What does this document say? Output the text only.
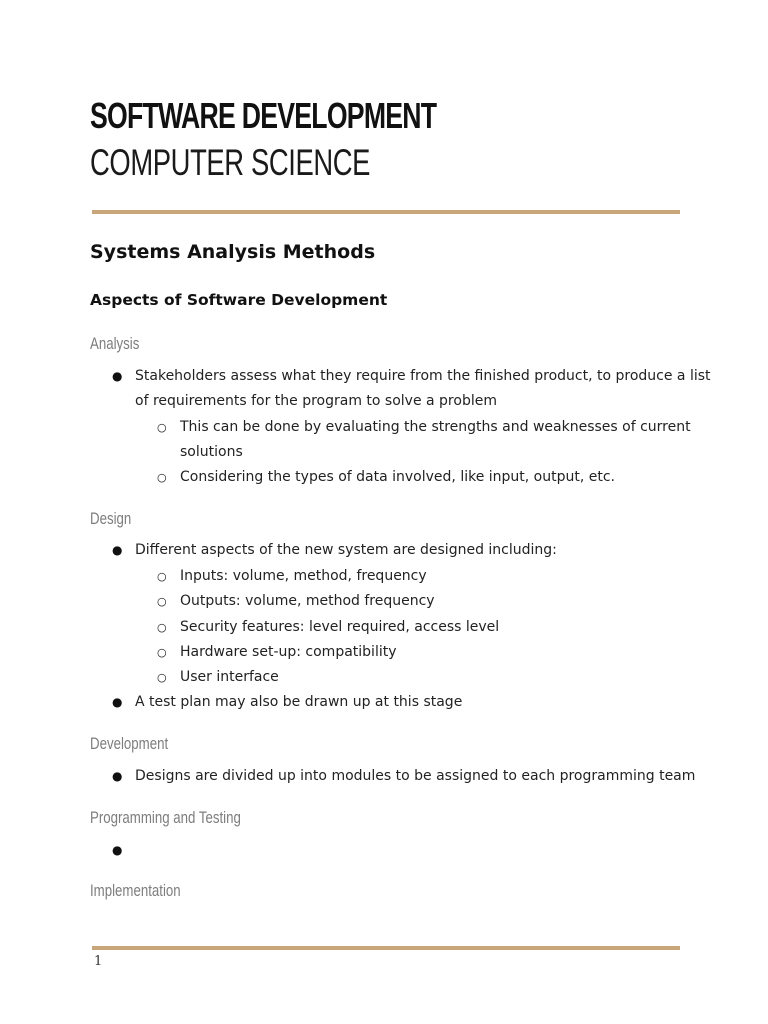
SOFTWARE DEVELOPMENT
COMPUTER SCIENCE
Systems Analysis Methods
Aspects of Software Development
Analysis
● Stakeholders assess what they require from the finished product, to produce a list
of requirements for the program to solve a problem
○ This can be done by evaluating the strengths and weaknesses of current
solutions
○ Considering the types of data involved, like input, output, etc.
Design
● Different aspects of the new system are designed including:
○ Inputs: volume, method, frequency
○ Outputs: volume, method frequency
○ Security features: level required, access level
○ Hardware set-up: compatibility
○ User interface
● A test plan may also be drawn up at this stage
Development
● Designs are divided up into modules to be assigned to each programming team
Programming and Testing
●
Implementation
1
